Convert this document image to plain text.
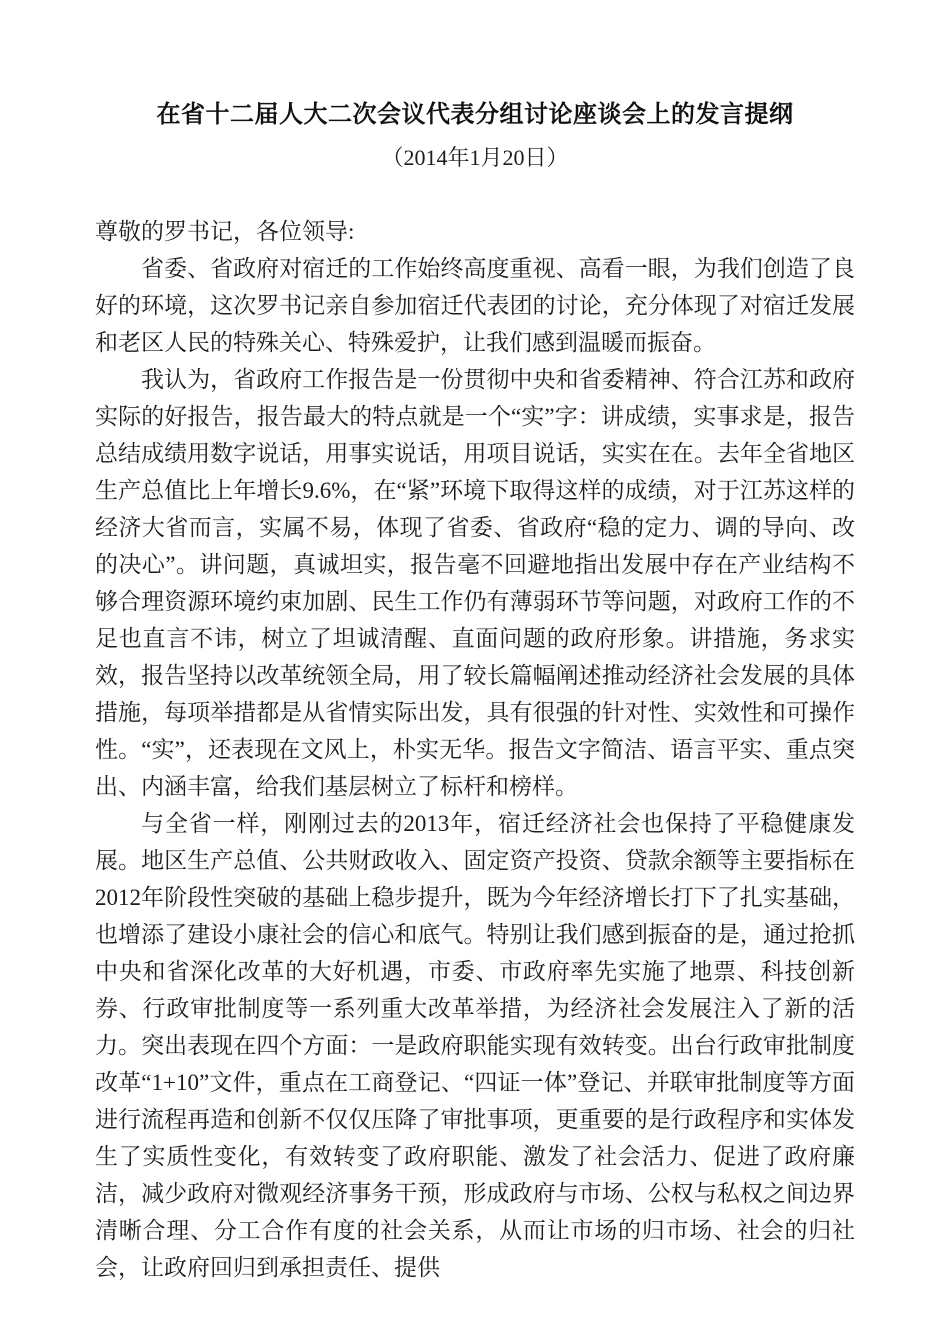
在省十二届人大二次会议代表分组讨论座谈会上的发言提纲
（2014年1月20日）
尊敬的罗书记，各位领导:

省委、省政府对宿迁的工作始终高度重视、高看一眼，为我们创造了良好的环境，这次罗书记亲自参加宿迁代表团的讨论，充分体现了对宿迁发展和老区人民的特殊关心、特殊爱护，让我们感到温暖而振奋。

我认为，省政府工作报告是一份贯彻中央和省委精神、符合江苏和政府实际的好报告，报告最大的特点就是一个“实”字：讲成绩，实事求是，报告总结成绩用数字说话，用事实说话，用项目说话，实实在在。去年全省地区生产总值比上年增长9.6%，在“紧”环境下取得这样的成绩，对于江苏这样的经济大省而言，实属不易，体现了省委、省政府“稳的定力、调的导向、改的决心”。讲问题，真诚坦实，报告毫不回避地指出发展中存在产业结构不够合理资源环境约束加剧、民生工作仍有薄弱环节等问题，对政府工作的不足也直言不讳，树立了坦诚清醒、直面问题的政府形象。讲措施，务求实效，报告坚持以改革统领全局，用了较长篇幅阐述推动经济社会发展的具体措施，每项举措都是从省情实际出发，具有很强的针对性、实效性和可操作性。“实”，还表现在文风上，朴实无华。报告文字简洁、语言平实、重点突出、内涵丰富，给我们基层树立了标杆和榜样。

与全省一样，刚刚过去的2013年，宿迁经济社会也保持了平稳健康发展。地区生产总值、公共财政收入、固定资产投资、贷款余额等主要指标在2012年阶段性突破的基础上稳步提升，既为今年经济增长打下了扎实基础，也增添了建设小康社会的信心和底气。特别让我们感到振奋的是，通过抢抓中央和省深化改革的大好机遇，市委、市政府率先实施了地票、科技创新券、行政审批制度等一系列重大改革举措，为经济社会发展注入了新的活力。突出表现在四个方面：一是政府职能实现有效转变。出台行政审批制度改革“1+10”文件，重点在工商登记、“四证一体”登记、并联审批制度等方面进行流程再造和创新不仅仅压降了审批事项，更重要的是行政程序和实体发生了实质性变化，有效转变了政府职能、激发了社会活力、促进了政府廉洁，减少政府对微观经济事务干预，形成政府与市场、公权与私权之间边界清晰合理、分工合作有度的社会关系，从而让市场的归市场、社会的归社会，让政府回归到承担责任、提供
